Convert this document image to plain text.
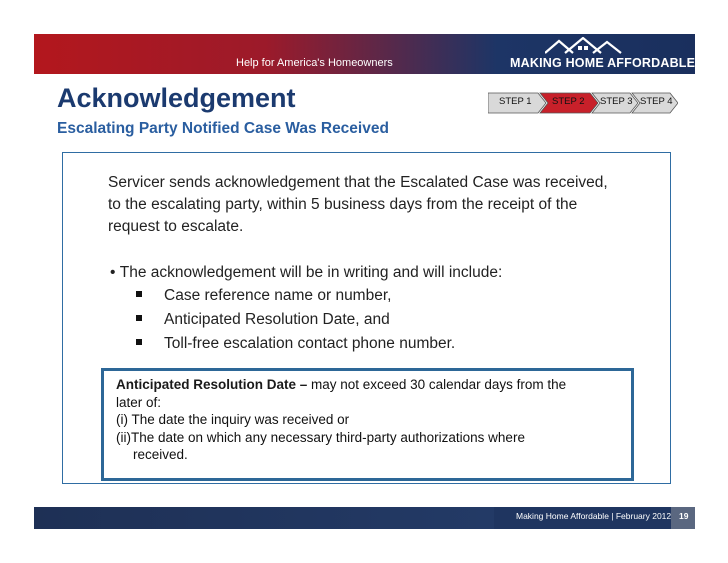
Help for America's Homeowners	MAKING HOME AFFORDABLE
Acknowledgement
Escalating Party Notified Case Was Received
STEP 1 STEP 2 STEP 3 STEP 4
Servicer sends acknowledgement that the Escalated Case was received,
to the escalating party, within 5 business days from the receipt of the
request to escalate.
• The acknowledgement will be in writing and will include:
Case reference name or number,
Anticipated Resolution Date, and
Toll-free escalation contact phone number.
Anticipated Resolution Date – may not exceed 30 calendar days from the
later of:
(i) The date the inquiry was received or
(ii)The date on which any necessary third-party authorizations where
received.
Making Home Affordable | February 2012 19
